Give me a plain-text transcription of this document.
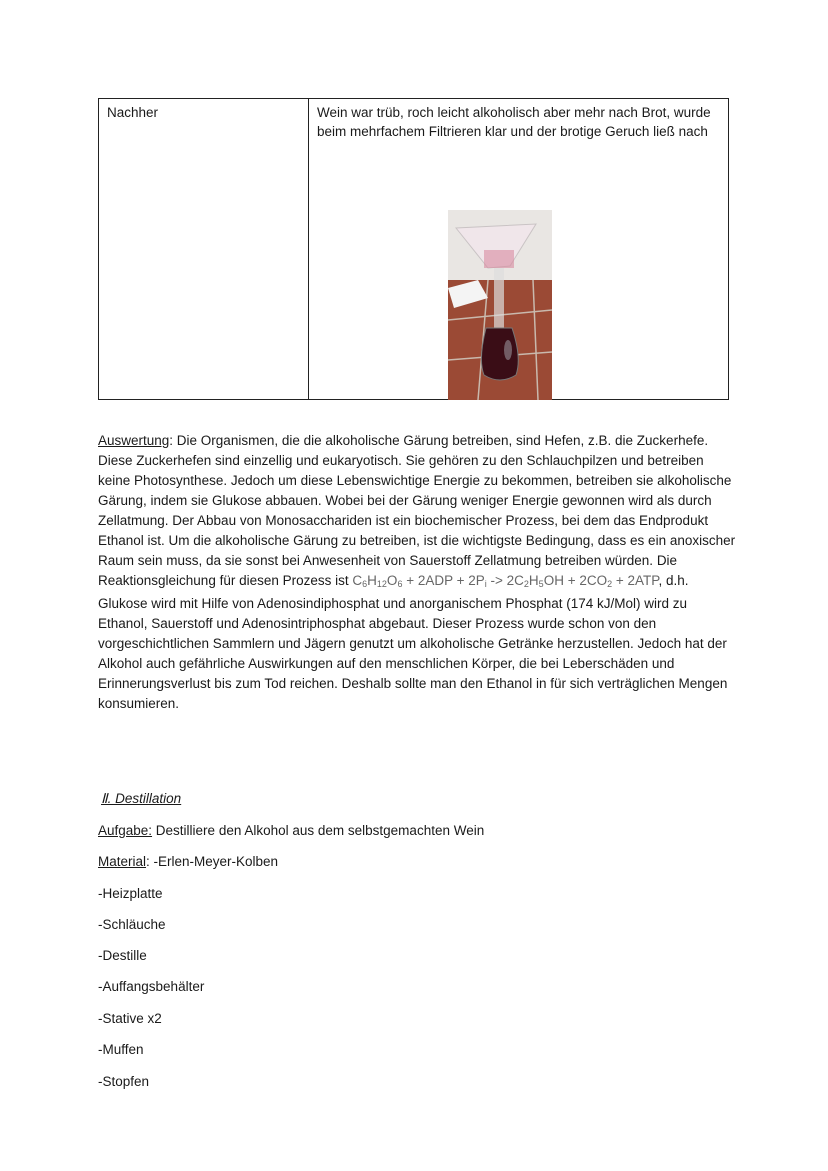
Nachher	Wein war trüb, roch leicht alkoholisch aber mehr nach Brot, wurde beim mehrfachem Filtrieren klar und der brotige Geruch ließ nach
Auswertung: Die Organismen, die die alkoholische Gärung betreiben, sind Hefen, z.B. die Zuckerhefe. Diese Zuckerhefen sind einzellig und eukaryotisch. Sie gehören zu den Schlauchpilzen und betreiben keine Photosynthese. Jedoch um diese Lebenswichtige Energie zu bekommen, betreiben sie alkoholische Gärung, indem sie Glukose abbauen. Wobei bei der Gärung weniger Energie gewonnen wird als durch Zellatmung. Der Abbau von Monosacchariden ist ein biochemischer Prozess, bei dem das Endprodukt Ethanol ist. Um die alkoholische Gärung zu betreiben, ist die wichtigste Bedingung, dass es ein anoxischer Raum sein muss, da sie sonst bei Anwesenheit von Sauerstoff Zellatmung betreiben würden. Die Reaktionsgleichung für diesen Prozess ist $C_6H_{12}O_6 + 2ADP + 2P_i -> 2C_2H_5OH + 2CO_2 + 2ATP$, d.h. Glukose wird mit Hilfe von Adenosindiphosphat und anorganischem Phosphat (174 kJ/Mol) wird zu Ethanol, Sauerstoff und Adenosintriphosphat abgebaut. Dieser Prozess wurde schon von den vorgeschichtlichen Sammlern und Jägern genutzt um alkoholische Getränke herzustellen. Jedoch hat der Alkohol auch gefährliche Auswirkungen auf den menschlichen Körper, die bei Leberschäden und Erinnerungsverlust bis zum Tod reichen. Deshalb sollte man den Ethanol in für sich verträglichen Mengen konsumieren.
Ⅱ. Destillation
Aufgabe: Destilliere den Alkohol aus dem selbstgemachten Wein
Material: -Erlen-Meyer-Kolben
-Heizplatte
-Schläuche
-Destille
-Auffangsbehälter
-Stative x2
-Muffen
-Stopfen
